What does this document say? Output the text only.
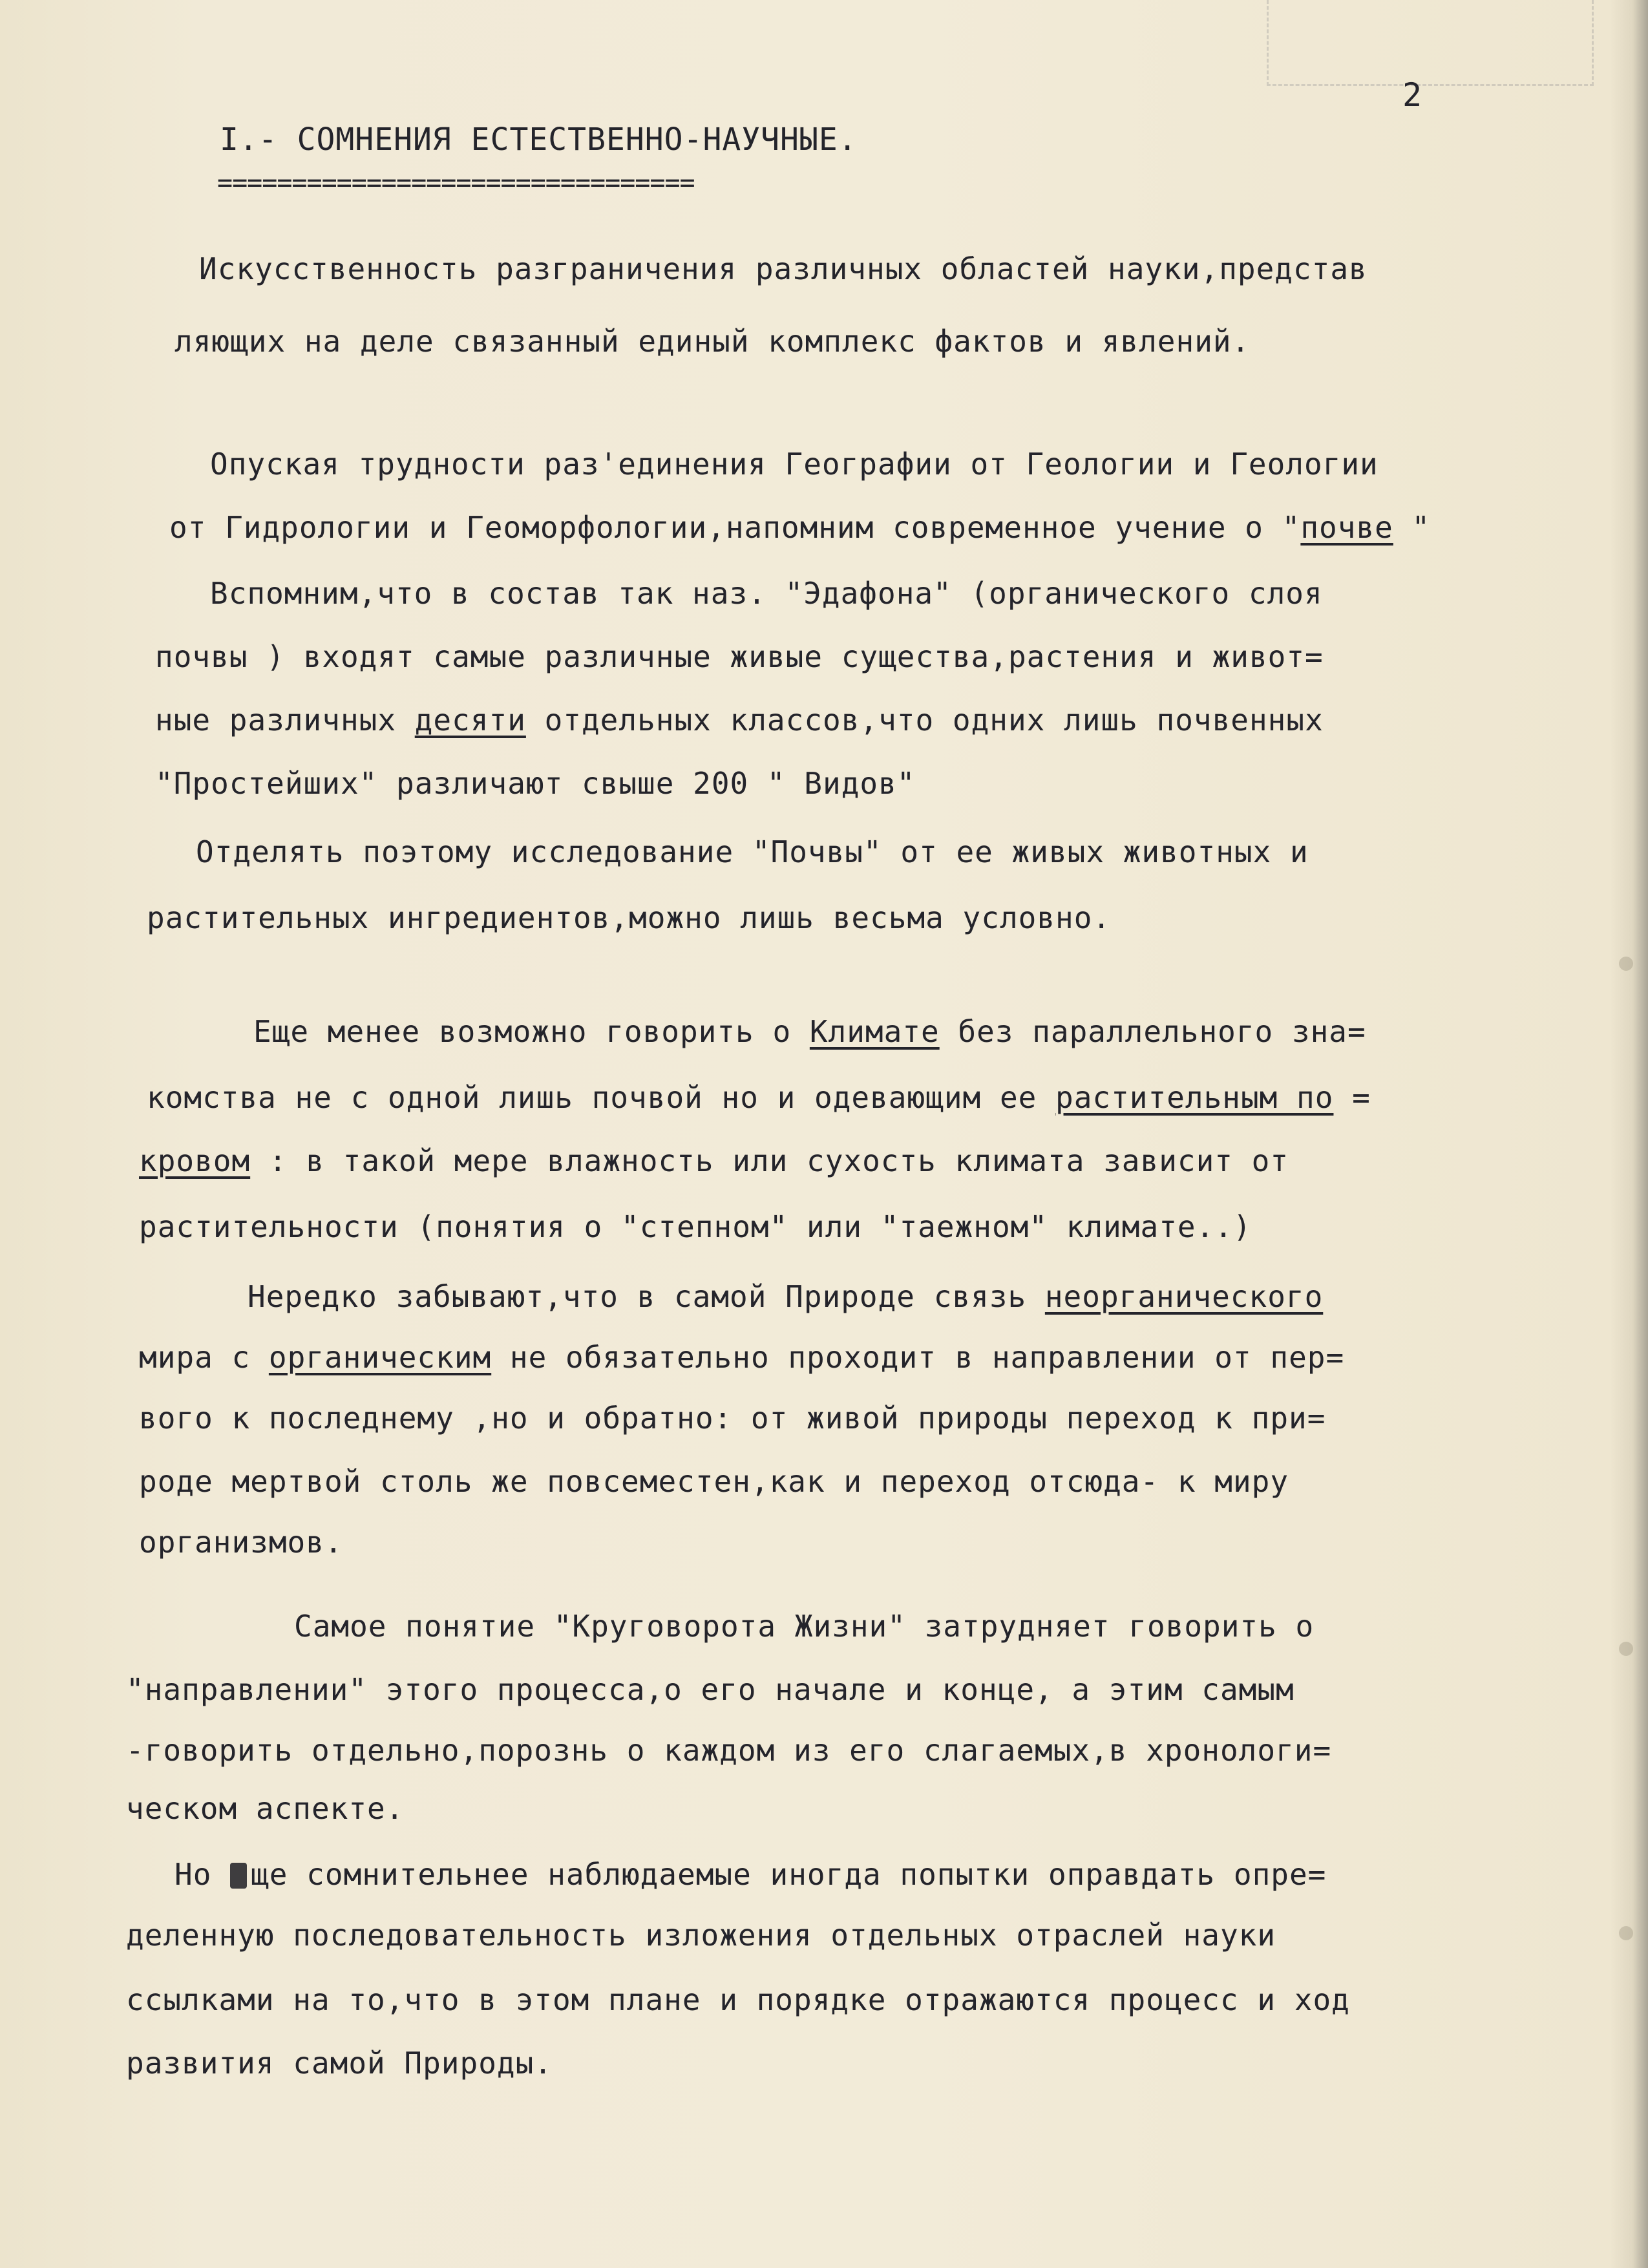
2
I.- СОМНЕНИЯ ЕСТЕСТВЕННО-НАУЧНЫЕ.
================================
Искусственность разграничения различных областей науки,представ
ляющих на деле связанный единый комплекс фактов и явлений.
Опуская трудности раз'единения Географии от Геологии и Геологии
от Гидрологии и Геоморфологии,напомним современное учение о "почве "
Вспомним,что в состав так наз. "Эдафона" (органического слоя
почвы ) входят самые различные живые существа,растения и живот=
ные различных десяти отдельных классов,что одних лишь почвенных
"Простейших" различают свыше 200 " Видов"
Отделять поэтому исследование "Почвы" от ее живых животных и
растительных ингредиентов,можно лишь весьма условно.
Еще менее возможно говорить о Климате без параллельного зна=
комства не с одной лишь почвой но и одевающим ее растительным по =
кровом : в такой мере влажность или сухость климата зависит от
растительности (понятия о "степном" или "таежном" климате..)
Нередко забывают,что в самой Природе связь неорганического
мира с органическим не обязательно проходит в направлении от пер=
вого к последнему ,но и обратно: от живой природы переход к при=
роде мертвой столь же повсеместен,как и переход отсюда- к миру
организмов.
Самое понятие "Круговорота Жизни" затрудняет говорить о
"направлении" этого процесса,о его начале и конце, а этим самым
-говорить отдельно,порознь о каждом из его слагаемых,в хронологи=
ческом аспекте.
Но ще сомнительнее наблюдаемые иногда попытки оправдать опре=
деленную последовательность изложения отдельных отраслей науки
ссылками на то,что в этом плане и порядке отражаются процесс и ход
развития самой Природы.
